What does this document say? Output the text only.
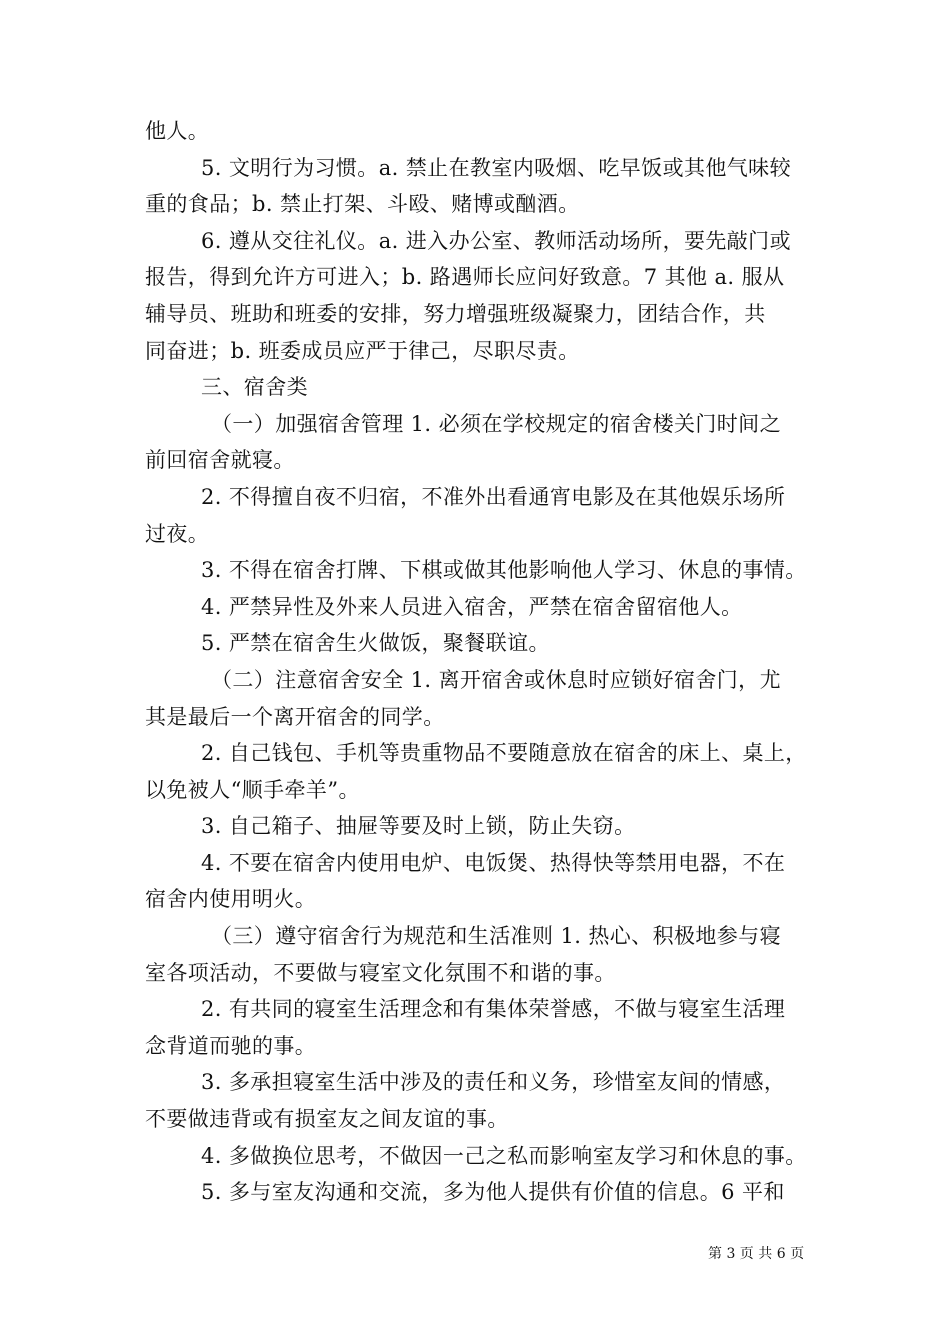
他人。
5. 文明行为习惯。a. 禁止在教室内吸烟、吃早饭或其他气味较
重的食品；b. 禁止打架、斗殴、赌博或酗酒。
6. 遵从交往礼仪。a. 进入办公室、教师活动场所，要先敲门或
报告，得到允许方可进入；b. 路遇师长应问好致意。7 其他 a. 服从
辅导员、班助和班委的安排，努力增强班级凝聚力，团结合作，共
同奋进；b. 班委成员应严于律己，尽职尽责。
三、宿舍类
（一）加强宿舍管理 1. 必须在学校规定的宿舍楼关门时间之
前回宿舍就寝。
2. 不得擅自夜不归宿，不准外出看通宵电影及在其他娱乐场所
过夜。
3. 不得在宿舍打牌、下棋或做其他影响他人学习、休息的事情。
4. 严禁异性及外来人员进入宿舍，严禁在宿舍留宿他人。
5. 严禁在宿舍生火做饭，聚餐联谊。
（二）注意宿舍安全 1. 离开宿舍或休息时应锁好宿舍门，尤
其是最后一个离开宿舍的同学。
2. 自己钱包、手机等贵重物品不要随意放在宿舍的床上、桌上，
以免被人“顺手牵羊”。
3. 自己箱子、抽屉等要及时上锁，防止失窃。
4. 不要在宿舍内使用电炉、电饭煲、热得快等禁用电器，不在
宿舍内使用明火。
（三）遵守宿舍行为规范和生活准则 1. 热心、积极地参与寝
室各项活动，不要做与寝室文化氛围不和谐的事。
2. 有共同的寝室生活理念和有集体荣誉感，不做与寝室生活理
念背道而驰的事。
3. 多承担寝室生活中涉及的责任和义务，珍惜室友间的情感，
不要做违背或有损室友之间友谊的事。
4. 多做换位思考，不做因一己之私而影响室友学习和休息的事。
5. 多与室友沟通和交流，多为他人提供有价值的信息。6 平和
第 3 页 共 6 页
